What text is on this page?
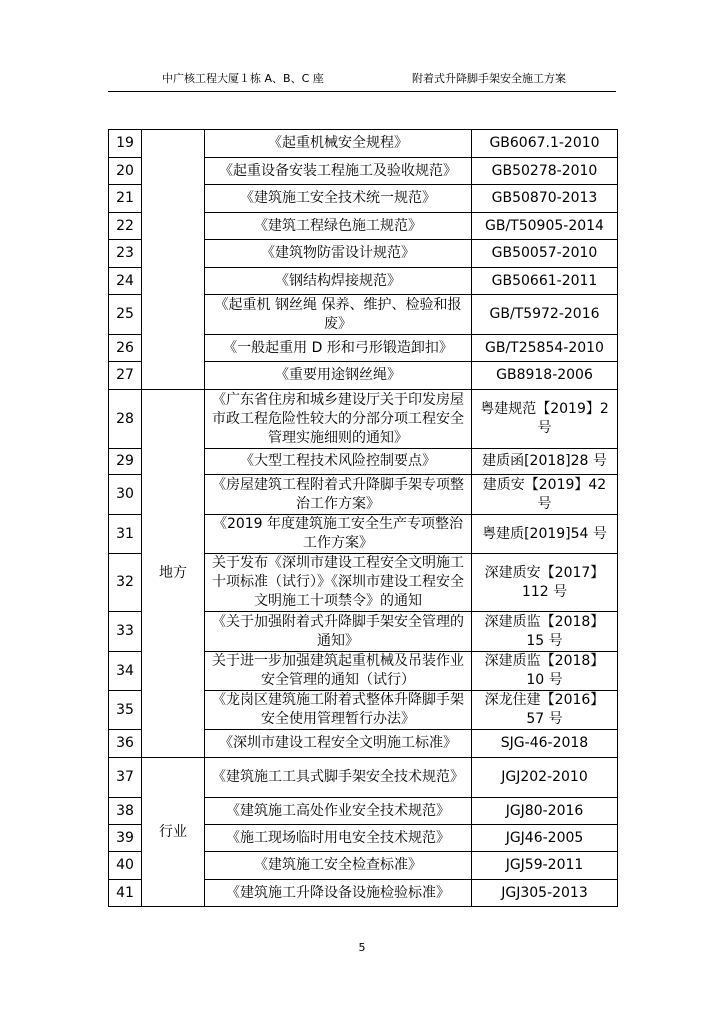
中广核工程大厦１栋 A、B、C 座	附着式升降脚手架安全施工方案
19		《起重机械安全规程》	GB6067.1-2010
20		《起重设备安装工程施工及验收规范》	GB50278-2010
21		《建筑施工安全技术统一规范》	GB50870-2013
22		《建筑工程绿色施工规范》	GB/T50905-2014
23		《建筑物防雷设计规范》	GB50057-2010
24		《钢结构焊接规范》	GB50661-2011
25		《起重机 钢丝绳 保养、维护、检验和报废》	GB/T5972-2016
26		《一般起重用 D 形和弓形锻造卸扣》	GB/T25854-2010
27		《重要用途钢丝绳》	GB8918-2006
28	地方	《广东省住房和城乡建设厅关于印发房屋市政工程危险性较大的分部分项工程安全管理实施细则的通知》	粤建规范【2019】2 号
29		《大型工程技术风险控制要点》	建质函[2018]28 号
30		《房屋建筑工程附着式升降脚手架专项整治工作方案》	建质安【2019】42 号
31		《2019 年度建筑施工安全生产专项整治工作方案》	粤建质[2019]54 号
32		关于发布《深圳市建设工程安全文明施工十项标准（试行）》《深圳市建设工程安全文明施工十项禁令》的通知	深建质安【2017】112 号
33		《关于加强附着式升降脚手架安全管理的通知》	深建质监【2018】15 号
34		关于进一步加强建筑起重机械及吊装作业安全管理的通知（试行）	深建质监【2018】10 号
35		《龙岗区建筑施工附着式整体升降脚手架安全使用管理暂行办法》	深龙住建【2016】57 号
36		《深圳市建设工程安全文明施工标准》	SJG-46-2018
37	行业	《建筑施工工具式脚手架安全技术规范》	JGJ202-2010
38		《建筑施工高处作业安全技术规范》	JGJ80-2016
39		《施工现场临时用电安全技术规范》	JGJ46-2005
40		《建筑施工安全检查标准》	JGJ59-2011
41		《建筑施工升降设备设施检验标准》	JGJ305-2013
5
